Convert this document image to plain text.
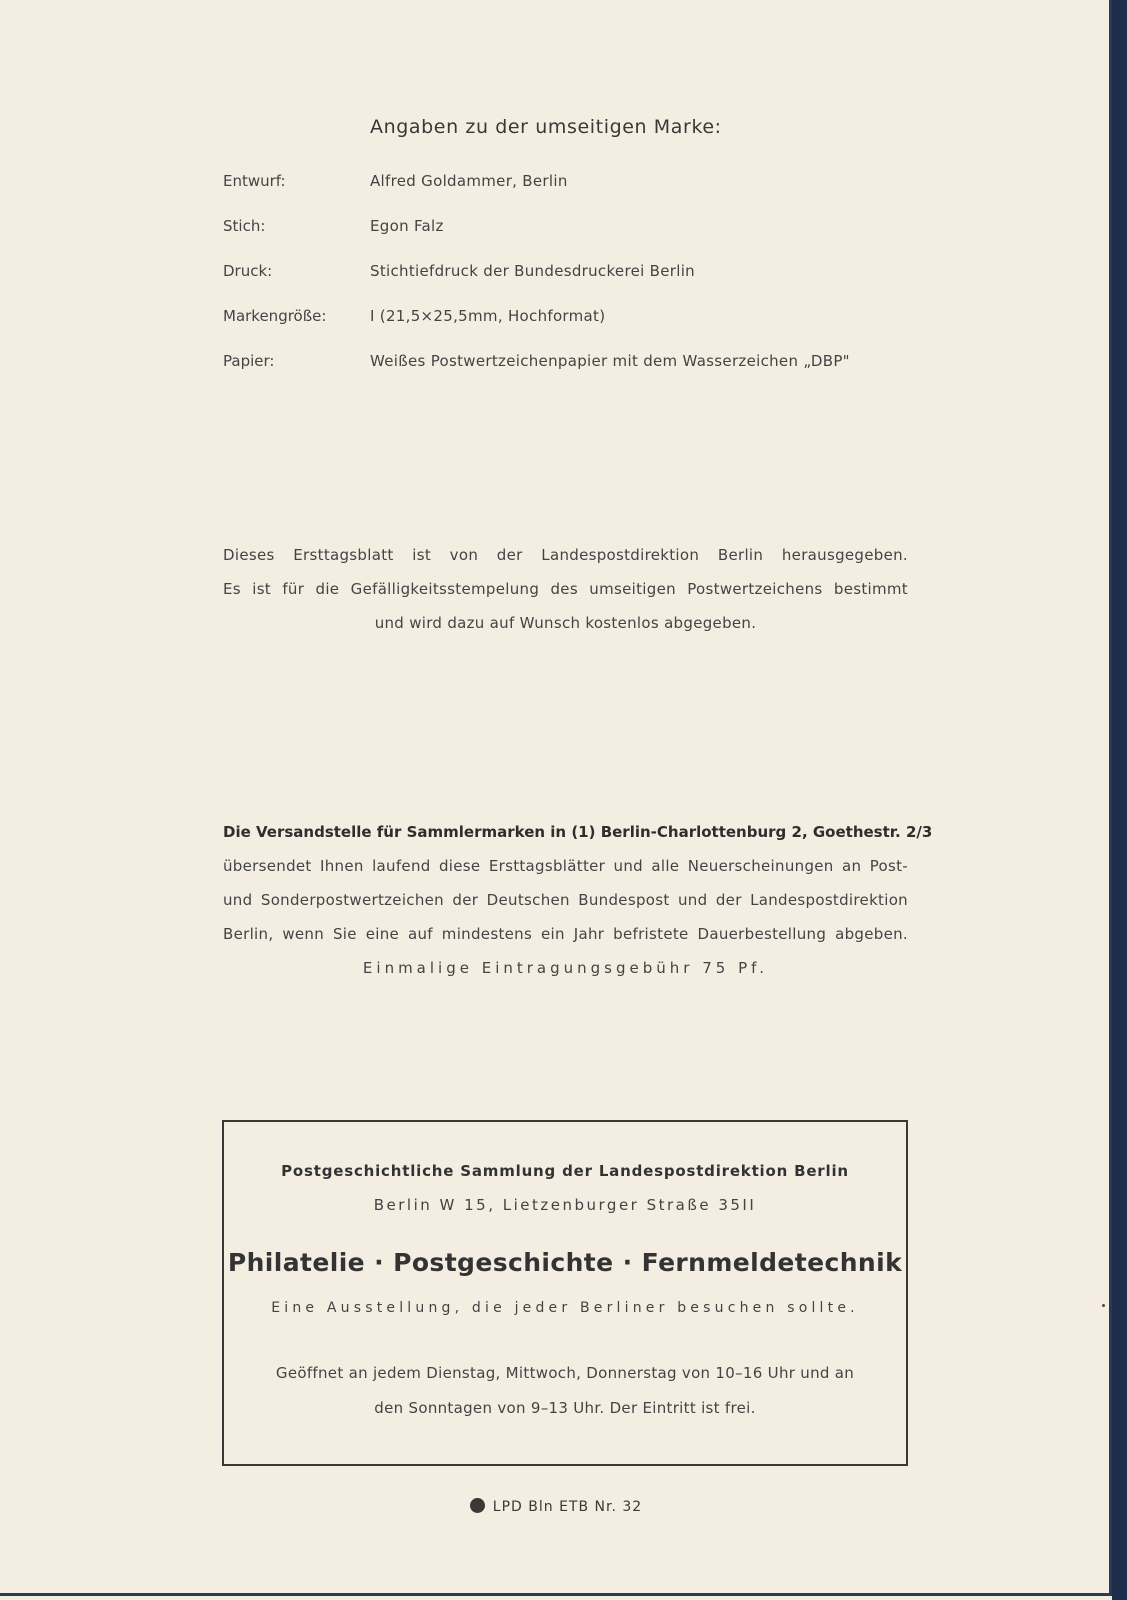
Angaben zu der umseitigen Marke:
Entwurf:	Alfred Goldammer, Berlin
Stich:	Egon Falz
Druck:	Stichtiefdruck der Bundesdruckerei Berlin
Markengröße:	I (21,5×25,5mm, Hochformat)
Papier:	Weißes Postwertzeichenpapier mit dem Wasserzeichen „DBP"
Dieses Ersttagsblatt ist von der Landespostdirektion Berlin herausgegeben.
Es ist für die Gefälligkeitsstempelung des umseitigen Postwertzeichens bestimmt
und wird dazu auf Wunsch kostenlos abgegeben.
Die Versandstelle für Sammlermarken in (1) Berlin-Charlottenburg 2, Goethestr. 2/3
übersendet Ihnen laufend diese Ersttagsblätter und alle Neuerscheinungen an Post-
und Sonderpostwertzeichen der Deutschen Bundespost und der Landespostdirektion
Berlin, wenn Sie eine auf mindestens ein Jahr befristete Dauerbestellung abgeben.
Einmalige Eintragungsgebühr 75 Pf.
Postgeschichtliche Sammlung der Landespostdirektion Berlin
Berlin W 15, Lietzenburger Straße 35II
Philatelie · Postgeschichte · Fernmeldetechnik
Eine Ausstellung, die jeder Berliner besuchen sollte.
Geöffnet an jedem Dienstag, Mittwoch, Donnerstag von 10–16 Uhr und an
den Sonntagen von 9–13 Uhr. Der Eintritt ist frei.
LPD Bln ETB Nr. 32
